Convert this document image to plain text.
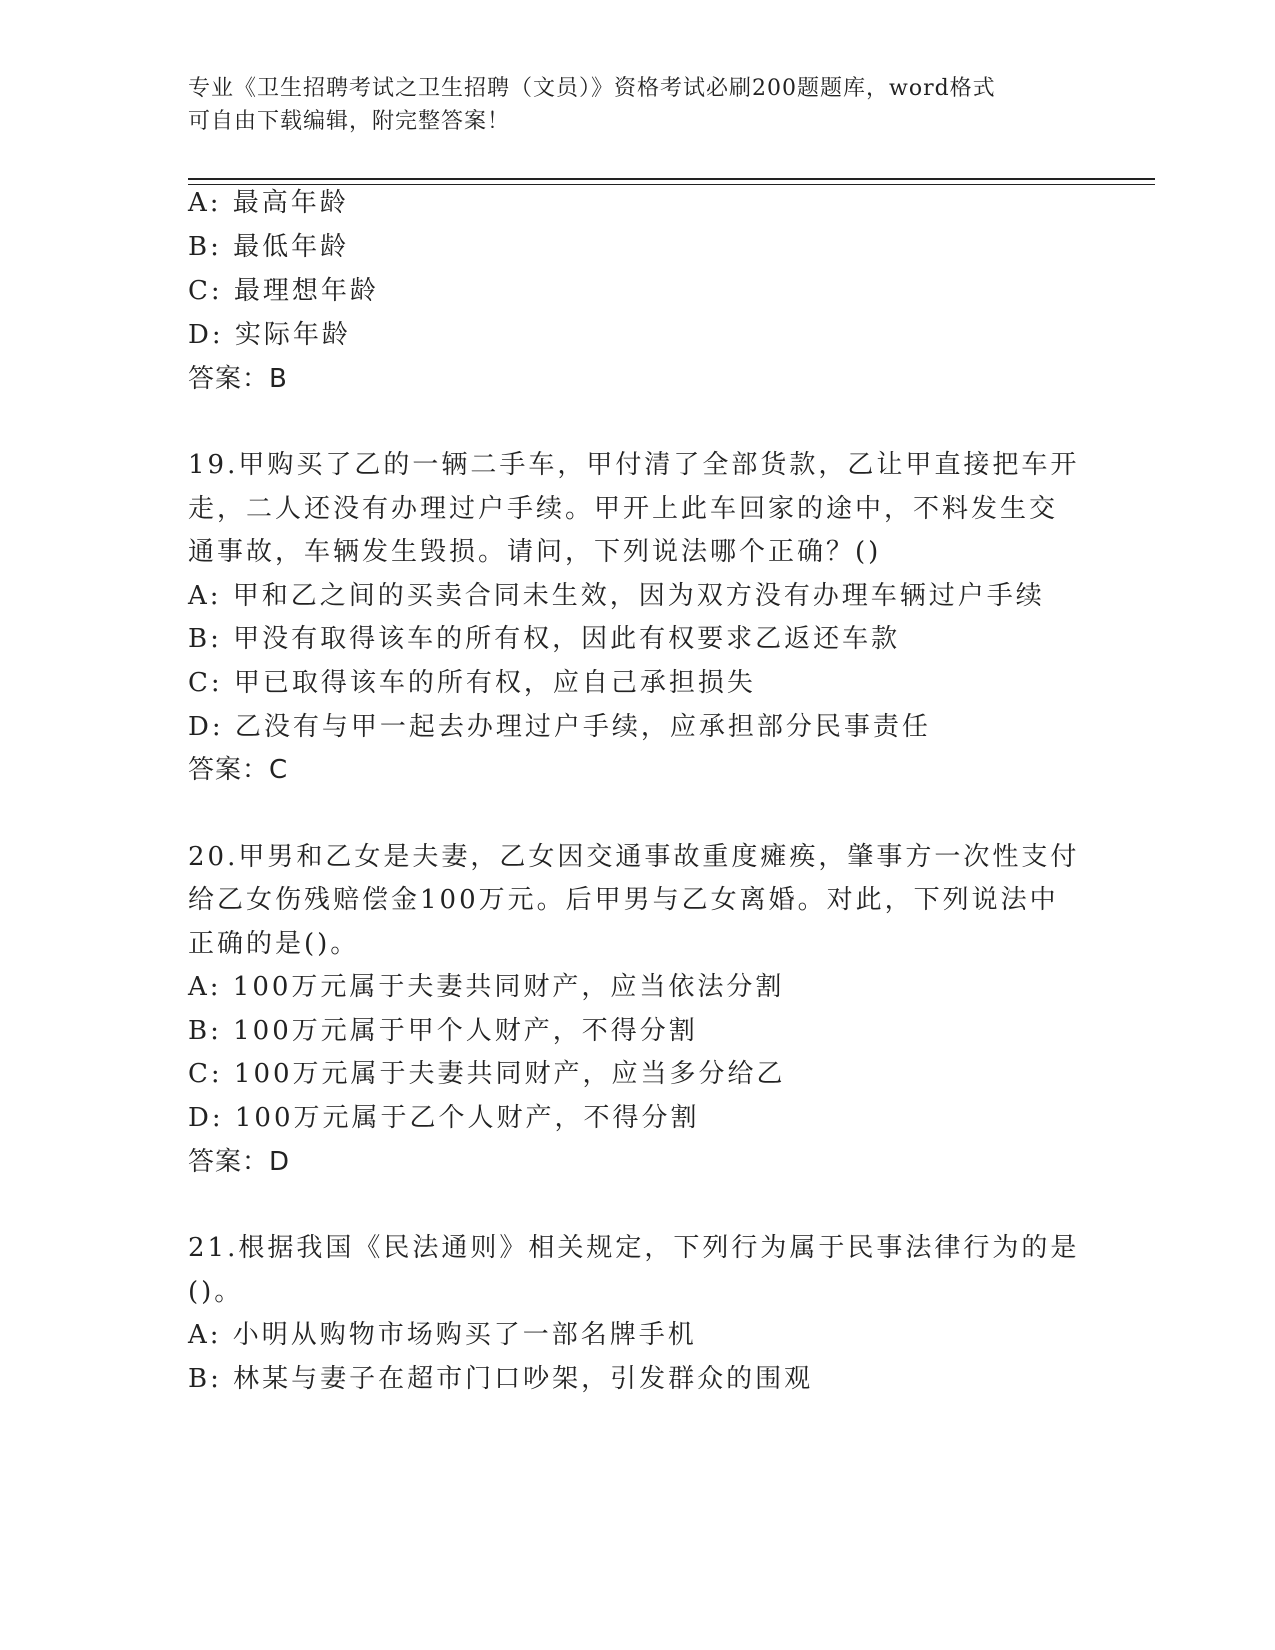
专业《卫生招聘考试之卫生招聘（文员）》资格考试必刷200题题库，word格式
可自由下载编辑，附完整答案！
A: 最高年龄
B: 最低年龄
C: 最理想年龄
D: 实际年龄
答案：B
19.甲购买了乙的一辆二手车，甲付清了全部货款，乙让甲直接把车开
走，二人还没有办理过户手续。甲开上此车回家的途中，不料发生交
通事故，车辆发生毁损。请问，下列说法哪个正确？()
A: 甲和乙之间的买卖合同未生效，因为双方没有办理车辆过户手续
B: 甲没有取得该车的所有权，因此有权要求乙返还车款
C: 甲已取得该车的所有权，应自己承担损失
D: 乙没有与甲一起去办理过户手续，应承担部分民事责任
答案：C
20.甲男和乙女是夫妻，乙女因交通事故重度瘫痪，肇事方一次性支付
给乙女伤残赔偿金100万元。后甲男与乙女离婚。对此，下列说法中
正确的是()。
A: 100万元属于夫妻共同财产，应当依法分割
B: 100万元属于甲个人财产，不得分割
C: 100万元属于夫妻共同财产，应当多分给乙
D: 100万元属于乙个人财产，不得分割
答案：D
21.根据我国《民法通则》相关规定，下列行为属于民事法律行为的是
()。
A: 小明从购物市场购买了一部名牌手机
B: 林某与妻子在超市门口吵架，引发群众的围观
